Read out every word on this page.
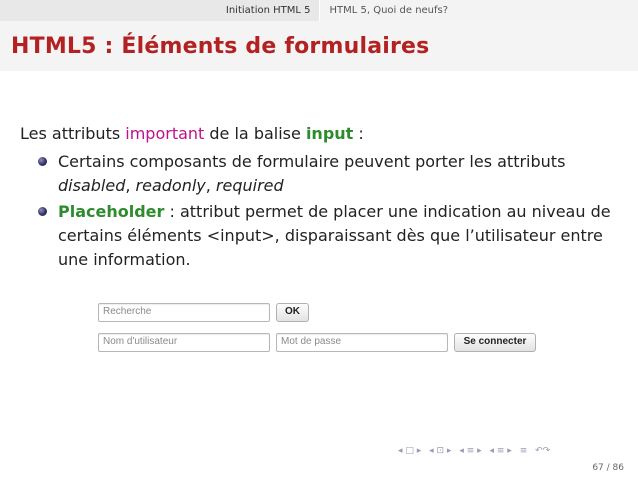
Initiation HTML 5	HTML 5, Quoi de neufs?
HTML5 : Éléments de formulaires
Les attributs important de la balise input :
Certains composants de formulaire peuvent porter les attributs
disabled, readonly, required
Placeholder : attribut permet de placer une indication au niveau de certains éléments <input>, disparaissant dès que l’utilisateur entre une information.
Recherche	OK
Nom d'utilisateur	Mot de passe	Se connecter
◂ □ ▸ ◂ ⊡ ▸ ◂ ≡ ▸ ◂ ≡ ▸ ≡ ↶↷
67 / 86
